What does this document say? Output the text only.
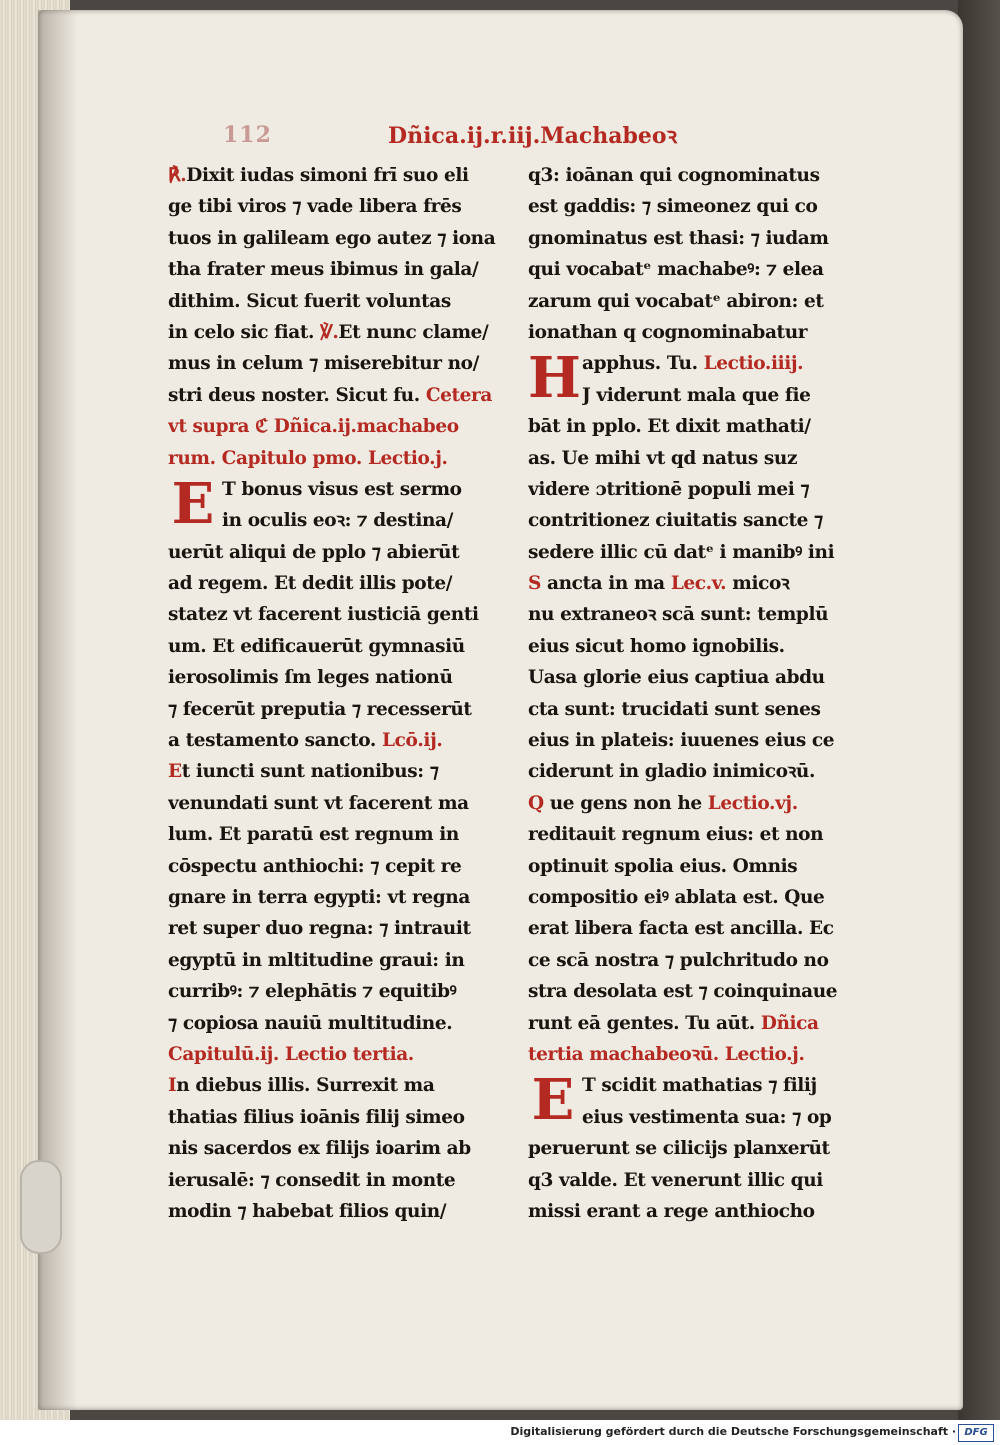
112	Dñica.ij.r.iij.Machabeoꝛ
℟.Dixit iudas simoni frī suo eli
ge tibi viros ⁊ vade libera frēs
tuos in galileam ego autez ⁊ iona
tha frater meus ibimus in gala/
dithim. Sicut fuerit voluntas
in celo sic fiat. ℣.Et nunc clame/
mus in celum ⁊ miserebitur no/
stri deus noster. Sicut fu. Cetera
vt supra ℭ Dñica.ij.machabeo
rum. Capitulo pmo. Lectio.j.
E T bonus visus est sermo
in oculis eoꝛ: ⁊ destina/
uerūt aliqui de pplo ⁊ abierūt
ad regem. Et dedit illis pote/
statez vt facerent iusticiā genti
um. Et edificauerūt gymnasiū
ierosolimis ſm leges nationū
⁊ fecerūt preputia ⁊ recesserūt
a testamento sancto. Lcō.ij.
Et iuncti sunt nationibus: ⁊
venundati sunt vt facerent ma
lum. Et paratū est regnum in
cōspectu anthiochi: ⁊ cepit re
gnare in terra egypti: vt regna
ret super duo regna: ⁊ intrauit
egyptū in mltitudine graui: in
curribꝰ: ⁊ elephātis ⁊ equitibꝰ
⁊ copiosa nauiū multitudine.
Capitulū.ij. Lectio tertia.
In diebus illis. Surrexit ma
thatias filius ioānis filij simeo
nis sacerdos ex filijs ioarim ab
ierusalē: ⁊ consedit in monte
modin ⁊ habebat filios quin/
q3: ioānan qui cognominatus
est gaddis: ⁊ simeonez qui co
gnominatus est thasi: ⁊ iudam
qui vocabatᵉ machabeꝰ: ⁊ elea
zarum qui vocabatᵉ abiron: et
ionathan q cognominabatur
H apphus. Tu. Lectio.iiij.
J viderunt mala que fie
bāt in pplo. Et dixit mathati/
as. Ue mihi vt qd natus suz
videre ɔtritionē populi mei ⁊
contritionez ciuitatis sancte ⁊
sedere illic cū datᵉ i manibꝰ ini
S ancta in ma Lec.v. micoꝛ
nu extraneoꝛ scā sunt: templū
eius sicut homo ignobilis.
Uasa glorie eius captiua abdu
cta sunt: trucidati sunt senes
eius in plateis: iuuenes eius ce
ciderunt in gladio inimicoꝛū.
Q ue gens non he Lectio.vj.
reditauit regnum eius: et non
optinuit spolia eius. Omnis
compositio eiꝰ ablata est. Que
erat libera facta est ancilla. Ec
ce scā nostra ⁊ pulchritudo no
stra desolata est ⁊ coinquinaue
runt eā gentes. Tu aūt. Dñica
tertia machabeoꝛū. Lectio.j.
E T scidit mathatias ⁊ filij
eius vestimenta sua: ⁊ op
peruerunt se cilicijs planxerūt
q3 valde. Et venerunt illic qui
missi erant a rege anthiocho
Digitalisierung gefördert durch die Deutsche Forschungsgemeinschaft · DFG
